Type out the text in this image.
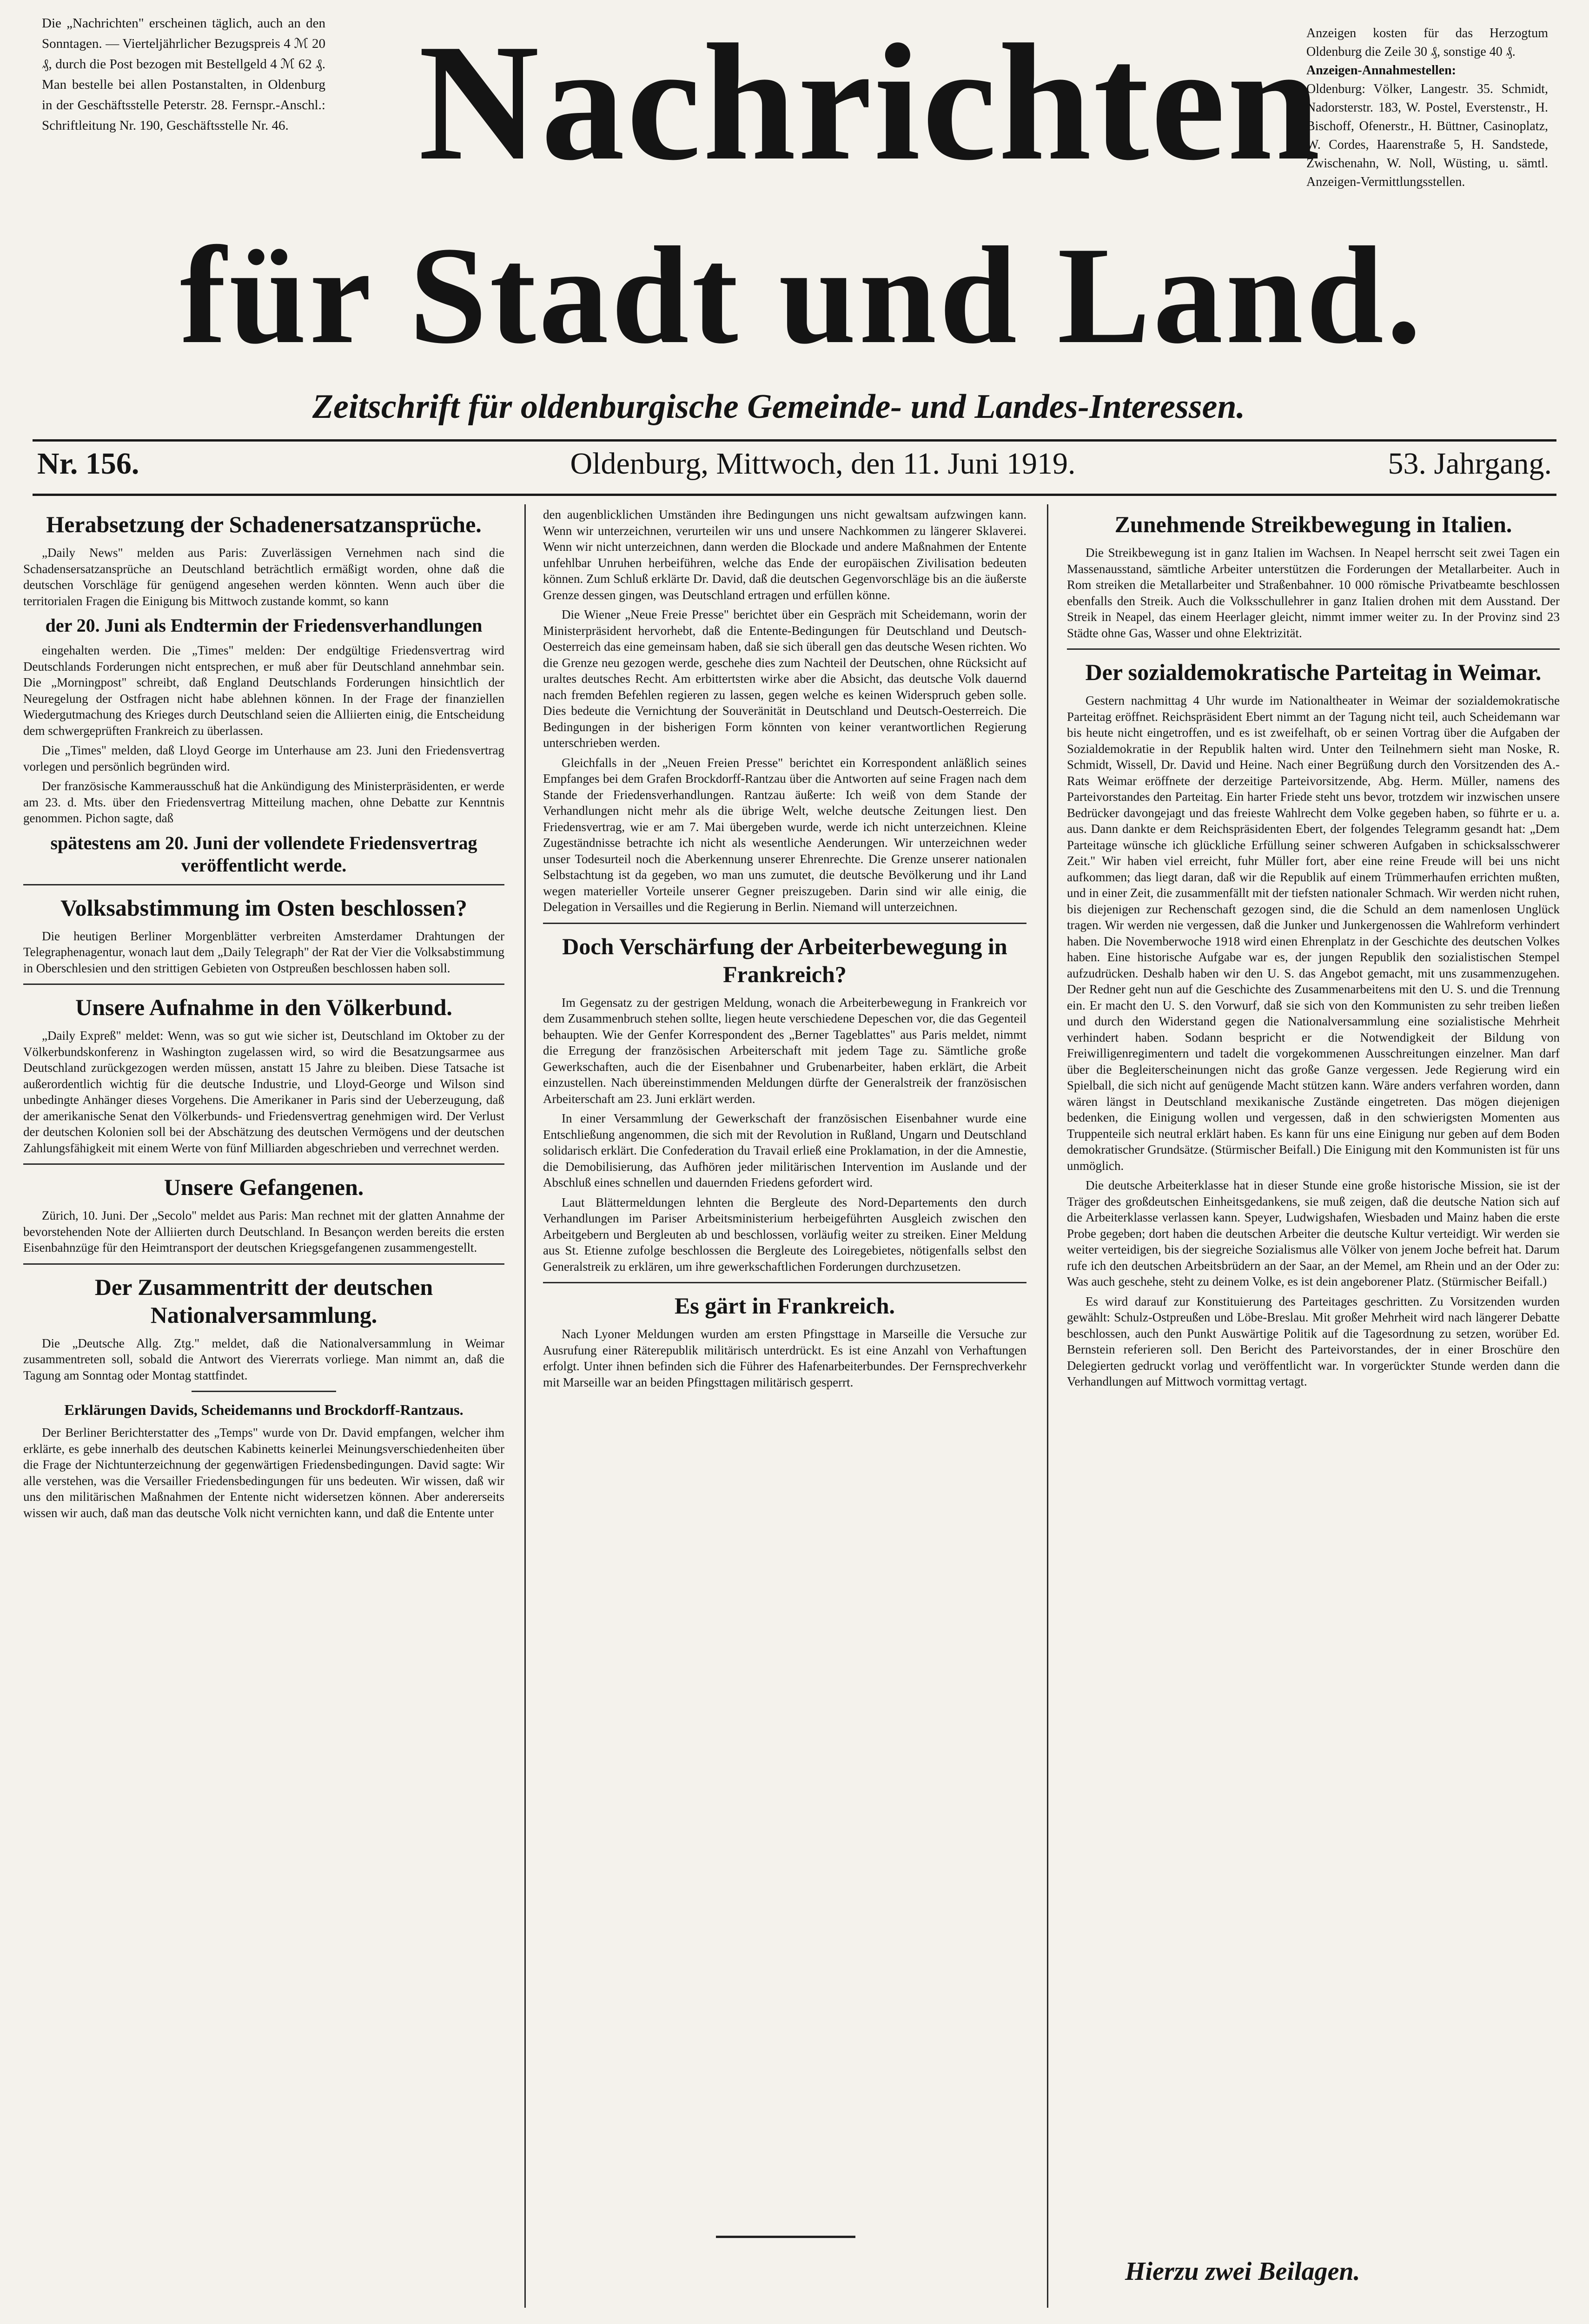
Die „Nachrichten" erscheinen täglich, auch an den Sonntagen. — Vierteljährlicher Bezugspreis 4 ℳ 20 ₰, durch die Post bezogen mit Bestellgeld 4 ℳ 62 ₰. Man bestelle bei allen Postanstalten, in Oldenburg in der Geschäftsstelle Peterstr. 28. Fernspr.-Anschl.: Schriftleitung Nr. 190, Geschäftsstelle Nr. 46.
Anzeigen kosten für das Herzogtum Oldenburg die Zeile 30 ₰, sonstige 40 ₰.
Anzeigen-Annahmestellen:
Oldenburg: Völker, Langestr. 35. Schmidt, Nadorsterstr. 183, W. Postel, Everstenstr., H. Bischoff, Ofenerstr., H. Büttner, Casinoplatz, W. Cordes, Haarenstraße 5, H. Sandstede, Zwischenahn, W. Noll, Wüsting, u. sämtl. Anzeigen-Vermittlungsstellen.
Nachrichten
für Stadt und Land.
Zeitschrift für oldenburgische Gemeinde- und Landes-Interessen.
Nr. 156.	Oldenburg, Mittwoch, den 11. Juni 1919.	53. Jahrgang.
Herabsetzung der Schadenersatzansprüche.

„Daily News" melden aus Paris: Zuverlässigen Vernehmen nach sind die Schadensersatzansprüche an Deutschland beträchtlich ermäßigt worden, ohne daß die deutschen Vorschläge für genügend angesehen werden könnten. Wenn auch über die territorialen Fragen die Einigung bis Mittwoch zustande kommt, so kann

der 20. Juni als Endtermin der Friedensverhandlungen

eingehalten werden. Die „Times" melden: Der endgültige Friedensvertrag wird Deutschlands Forderungen nicht entsprechen, er muß aber für Deutschland annehmbar sein. Die „Morningpost" schreibt, daß England Deutschlands Forderungen hinsichtlich der Neuregelung der Ostfragen nicht habe ablehnen können. In der Frage der finanziellen Wiedergutmachung des Krieges durch Deutschland seien die Alliierten einig, die Entscheidung dem schwergeprüften Frankreich zu überlassen.

Die „Times" melden, daß Lloyd George im Unterhause am 23. Juni den Friedensvertrag vorlegen und persönlich begründen wird.

Der französische Kammerausschuß hat die Ankündigung des Ministerpräsidenten, er werde am 23. d. Mts. über den Friedensvertrag Mitteilung machen, ohne Debatte zur Kenntnis genommen. Pichon sagte, daß

spätestens am 20. Juni der vollendete Friedensvertrag veröffentlicht werde.
Volksabstimmung im Osten beschlossen?

Die heutigen Berliner Morgenblätter verbreiten Amsterdamer Drahtungen der Telegraphenagentur, wonach laut dem „Daily Telegraph" der Rat der Vier die Volksabstimmung in Oberschlesien und den strittigen Gebieten von Ostpreußen beschlossen haben soll.

Unsere Aufnahme in den Völkerbund.

„Daily Expreß" meldet: Wenn, was so gut wie sicher ist, Deutschland im Oktober zu der Völkerbundskonferenz in Washington zugelassen wird, so wird die Besatzungsarmee aus Deutschland zurückgezogen werden müssen, anstatt 15 Jahre zu bleiben. Diese Tatsache ist außerordentlich wichtig für die deutsche Industrie, und Lloyd-George und Wilson sind unbedingte Anhänger dieses Vorgehens. Die Amerikaner in Paris sind der Ueberzeugung, daß der amerikanische Senat den Völkerbunds- und Friedensvertrag genehmigen wird. Der Verlust der deutschen Kolonien soll bei der Abschätzung des deutschen Vermögens und der deutschen Zahlungsfähigkeit mit einem Werte von fünf Milliarden abgeschrieben und verrechnet werden.

Unsere Gefangenen.

Zürich, 10. Juni. Der „Secolo" meldet aus Paris: Man rechnet mit der glatten Annahme der bevorstehenden Note der Alliierten durch Deutschland. In Besançon werden bereits die ersten Eisenbahnzüge für den Heimtransport der deutschen Kriegsgefangenen zusammengestellt.

Der Zusammentritt der deutschen Nationalversammlung.

Die „Deutsche Allg. Ztg." meldet, daß die Nationalversammlung in Weimar zusammentreten soll, sobald die Antwort des Viererrats vorliege. Man nimmt an, daß die Tagung am Sonntag oder Montag stattfindet.

Erklärungen Davids, Scheidemanns und Brockdorff-Rantzaus.

Der Berliner Berichterstatter des „Temps" wurde von Dr. David empfangen, welcher ihm erklärte, es gebe innerhalb des deutschen Kabinetts keinerlei Meinungsverschiedenheiten über die Frage der Nichtunterzeichnung der gegenwärtigen Friedensbedingungen. David sagte: Wir alle verstehen, was die Versailler Friedensbedingungen für uns bedeuten. Wir wissen, daß wir uns den militärischen Maßnahmen der Entente nicht widersetzen können. Aber andererseits wissen wir auch, daß man das deutsche Volk nicht vernichten kann, und daß die Entente unter

den augenblicklichen Umständen ihre Bedingungen uns nicht gewaltsam aufzwingen kann. Wenn wir unterzeichnen, verurteilen wir uns und unsere Nachkommen zu längerer Sklaverei. Wenn wir nicht unterzeichnen, dann werden die Blockade und andere Maßnahmen der Entente unfehlbar Unruhen herbeiführen, welche das Ende der europäischen Zivilisation bedeuten können. Zum Schluß erklärte Dr. David, daß die deutschen Gegenvorschläge bis an die äußerste Grenze dessen gingen, was Deutschland ertragen und erfüllen könne.

Die Wiener „Neue Freie Presse" berichtet über ein Gespräch mit Scheidemann, worin der Ministerpräsident hervorhebt, daß die Entente-Bedingungen für Deutschland und Deutsch-Oesterreich das eine gemeinsam haben, daß sie sich überall gen das deutsche Wesen richten. Wo die Grenze neu gezogen werde, geschehe dies zum Nachteil der Deutschen, ohne Rücksicht auf uraltes deutsches Recht. Am erbittertsten wirke aber die Absicht, das deutsche Volk dauernd nach fremden Befehlen regieren zu lassen, gegen welche es keinen Widerspruch geben solle. Dies bedeute die Vernichtung der Souveränität in Deutschland und Deutsch-Oesterreich. Die Bedingungen in der bisherigen Form könnten von keiner verantwortlichen Regierung unterschrieben werden.

Gleichfalls in der „Neuen Freien Presse" berichtet ein Korrespondent anläßlich seines Empfanges bei dem Grafen Brockdorff-Rantzau über die Antworten auf seine Fragen nach dem Stande der Friedensverhandlungen. Rantzau äußerte: Ich weiß von dem Stande der Verhandlungen nicht mehr als die übrige Welt, welche deutsche Zeitungen liest. Den Friedensvertrag, wie er am 7. Mai übergeben wurde, werde ich nicht unterzeichnen. Kleine Zugeständnisse betrachte ich nicht als wesentliche Aenderungen. Wir unterzeichnen weder unser Todesurteil noch die Aberkennung unserer Ehrenrechte. Die Grenze unserer nationalen Selbstachtung ist da gegeben, wo man uns zumutet, die deutsche Bevölkerung und ihr Land wegen materieller Vorteile unserer Gegner preiszugeben. Darin sind wir alle einig, die Delegation in Versailles und die Regierung in Berlin. Niemand will unterzeichnen.

Doch Verschärfung der Arbeiterbewegung in Frankreich?

Im Gegensatz zu der gestrigen Meldung, wonach die Arbeiterbewegung in Frankreich vor dem Zusammenbruch stehen sollte, liegen heute verschiedene Depeschen vor, die das Gegenteil behaupten. Wie der Genfer Korrespondent des „Berner Tageblattes" aus Paris meldet, nimmt die Erregung der französischen Arbeiterschaft mit jedem Tage zu. Sämtliche große Gewerkschaften, auch die der Eisenbahner und Grubenarbeiter, haben erklärt, die Arbeit einzustellen. Nach übereinstimmenden Meldungen dürfte der Generalstreik der französischen Arbeiterschaft am 23. Juni erklärt werden.

In einer Versammlung der Gewerkschaft der französischen Eisenbahner wurde eine Entschließung angenommen, die sich mit der Revolution in Rußland, Ungarn und Deutschland solidarisch erklärt. Die Confederation du Travail erließ eine Proklamation, in der die Amnestie, die Demobilisierung, das Aufhören jeder militärischen Intervention im Auslande und der Abschluß eines schnellen und dauernden Friedens gefordert wird.

Laut Blättermeldungen lehnten die Bergleute des Nord-Departements den durch Verhandlungen im Pariser Arbeitsministerium herbeigeführten Ausgleich zwischen den Arbeitgebern und Bergleuten ab und beschlossen, vorläufig weiter zu streiken. Einer Meldung aus St. Etienne zufolge beschlossen die Bergleute des Loiregebietes, nötigenfalls selbst den Generalstreik zu erklären, um ihre gewerkschaftlichen Forderungen durchzusetzen.

Es gärt in Frankreich.

Nach Lyoner Meldungen wurden am ersten Pfingsttage in Marseille die Versuche zur Ausrufung einer Räterepublik militärisch unterdrückt. Es ist eine Anzahl von Verhaftungen erfolgt. Unter ihnen befinden sich die Führer des Hafenarbeiterbundes. Der Fernsprechverkehr mit Marseille war an beiden Pfingsttagen militärisch gesperrt.

Zunehmende Streikbewegung in Italien.

Die Streikbewegung ist in ganz Italien im Wachsen. In Neapel herrscht seit zwei Tagen ein Massenausstand, sämtliche Arbeiter unterstützen die Forderungen der Metallarbeiter. Auch in Rom streiken die Metallarbeiter und Straßenbahner. 10 000 römische Privatbeamte beschlossen ebenfalls den Streik. Auch die Volksschullehrer in ganz Italien drohen mit dem Ausstand. Der Streik in Neapel, das einem Heerlager gleicht, nimmt immer weiter zu. In der Provinz sind 23 Städte ohne Gas, Wasser und ohne Elektrizität.

Der sozialdemokratische Parteitag in Weimar.

Gestern nachmittag 4 Uhr wurde im Nationaltheater in Weimar der sozialdemokratische Parteitag eröffnet. Reichspräsident Ebert nimmt an der Tagung nicht teil, auch Scheidemann war bis heute nicht eingetroffen, und es ist zweifelhaft, ob er seinen Vortrag über die Aufgaben der Sozialdemokratie in der Republik halten wird. Unter den Teilnehmern sieht man Noske, R. Schmidt, Wissell, Dr. David und Heine. Nach einer Begrüßung durch den Vorsitzenden des A.-Rats Weimar eröffnete der derzeitige Parteivorsitzende, Abg. Herm. Müller, namens des Parteivorstandes den Parteitag. Ein harter Friede steht uns bevor, trotzdem wir inzwischen unsere Bedrücker davongejagt und das freieste Wahlrecht dem Volke gegeben haben, so führte er u. a. aus. Dann dankte er dem Reichspräsidenten Ebert, der folgendes Telegramm gesandt hat: „Dem Parteitage wünsche ich glückliche Erfüllung seiner schweren Aufgaben in schicksalsschwerer Zeit." Wir haben viel erreicht, fuhr Müller fort, aber eine reine Freude will bei uns nicht aufkommen; das liegt daran, daß wir die Republik auf einem Trümmerhaufen errichten mußten, und in einer Zeit, die zusammenfällt mit der tiefsten nationaler Schmach. Wir werden nicht ruhen, bis diejenigen zur Rechenschaft gezogen sind, die die Schuld an dem namenlosen Unglück tragen. Wir werden nie vergessen, daß die Junker und Junkergenossen die Wahlreform verhindert haben. Die Novemberwoche 1918 wird einen Ehrenplatz in der Geschichte des deutschen Volkes haben. Eine historische Aufgabe war es, der jungen Republik den sozialistischen Stempel aufzudrücken. Deshalb haben wir den U. S. das Angebot gemacht, mit uns zusammenzugehen. Der Redner geht nun auf die Geschichte des Zusammenarbeitens mit den U. S. und die Trennung ein. Er macht den U. S. den Vorwurf, daß sie sich von den Kommunisten zu sehr treiben ließen und durch den Widerstand gegen die Nationalversammlung eine sozialistische Mehrheit verhindert haben. Sodann bespricht er die Notwendigkeit der Bildung von Freiwilligenregimentern und tadelt die vorgekommenen Ausschreitungen einzelner. Man darf über die Begleiterscheinungen nicht das große Ganze vergessen. Jede Regierung wird ein Spielball, die sich nicht auf genügende Macht stützen kann. Wäre anders verfahren worden, dann wären längst in Deutschland mexikanische Zustände eingetreten. Das mögen diejenigen bedenken, die Einigung wollen und vergessen, daß in den schwierigsten Momenten aus Truppenteile sich neutral erklärt haben. Es kann für uns eine Einigung nur geben auf dem Boden demokratischer Grundsätze. (Stürmischer Beifall.) Die Einigung mit den Kommunisten ist für uns unmöglich.

Die deutsche Arbeiterklasse hat in dieser Stunde eine große historische Mission, sie ist der Träger des großdeutschen Einheitsgedankens, sie muß zeigen, daß die deutsche Nation sich auf die Arbeiterklasse verlassen kann. Speyer, Ludwigshafen, Wiesbaden und Mainz haben die erste Probe gegeben; dort haben die deutschen Arbeiter die deutsche Kultur verteidigt. Wir werden sie weiter verteidigen, bis der siegreiche Sozialismus alle Völker von jenem Joche befreit hat. Darum rufe ich den deutschen Arbeitsbrüdern an der Saar, an der Memel, am Rhein und an der Oder zu: Was auch geschehe, steht zu deinem Volke, es ist dein angeborener Platz. (Stürmischer Beifall.)

Es wird darauf zur Konstituierung des Parteitages geschritten. Zu Vorsitzenden wurden gewählt: Schulz-Ostpreußen und Löbe-Breslau. Mit großer Mehrheit wird nach längerer Debatte beschlossen, auch den Punkt Auswärtige Politik auf die Tagesordnung zu setzen, worüber Ed. Bernstein referieren soll. Den Bericht des Parteivorstandes, der in einer Broschüre den Delegierten gedruckt vorlag und veröffentlicht war. In vorgerückter Stunde werden dann die Verhandlungen auf Mittwoch vormittag vertagt.

Hierzu zwei Beilagen.
